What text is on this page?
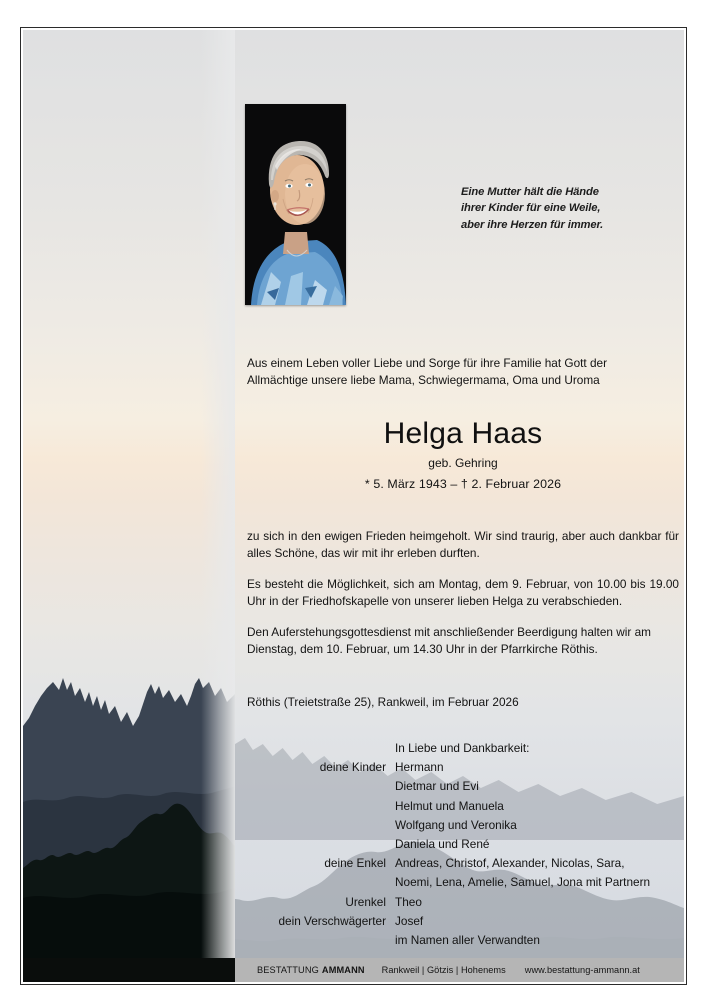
Eine Mutter hält die Hände
ihrer Kinder für eine Weile,
aber ihre Herzen für immer.
Aus einem Leben voller Liebe und Sorge für ihre Familie hat Gott der
Allmächtige unsere liebe Mama, Schwiegermama, Oma und Uroma
Helga Haas
geb. Gehring
* 5. März 1943 – † 2. Februar 2026

zu sich in den ewigen Frieden heimgeholt. Wir sind traurig, aber auch dankbar für alles Schöne, das wir mit ihr erleben durften.

Es besteht die Möglichkeit, sich am Montag, dem 9. Februar, von 10.00 bis 19.00 Uhr in der Friedhofskapelle von unserer lieben Helga zu verabschieden.

Den Auferstehungsgottesdienst mit anschließender Beerdigung halten wir am Dienstag, dem 10. Februar, um 14.30 Uhr in der Pfarrkirche Röthis.

Röthis (Treietstraße 25), Rankweil, im Februar 2026
In Liebe und Dankbarkeit:
deine Kinder Hermann
Dietmar und Evi
Helmut und Manuela
Wolfgang und Veronika
Daniela und René
deine Enkel Andreas, Christof, Alexander, Nicolas, Sara,
Noemi, Lena, Amelie, Samuel, Jona mit Partnern
Urenkel Theo
dein Verschwägerter Josef
im Namen aller Verwandten
BESTATTUNG AMMANN Rankweil | Götzis | Hohenems www.bestattung-ammann.at
